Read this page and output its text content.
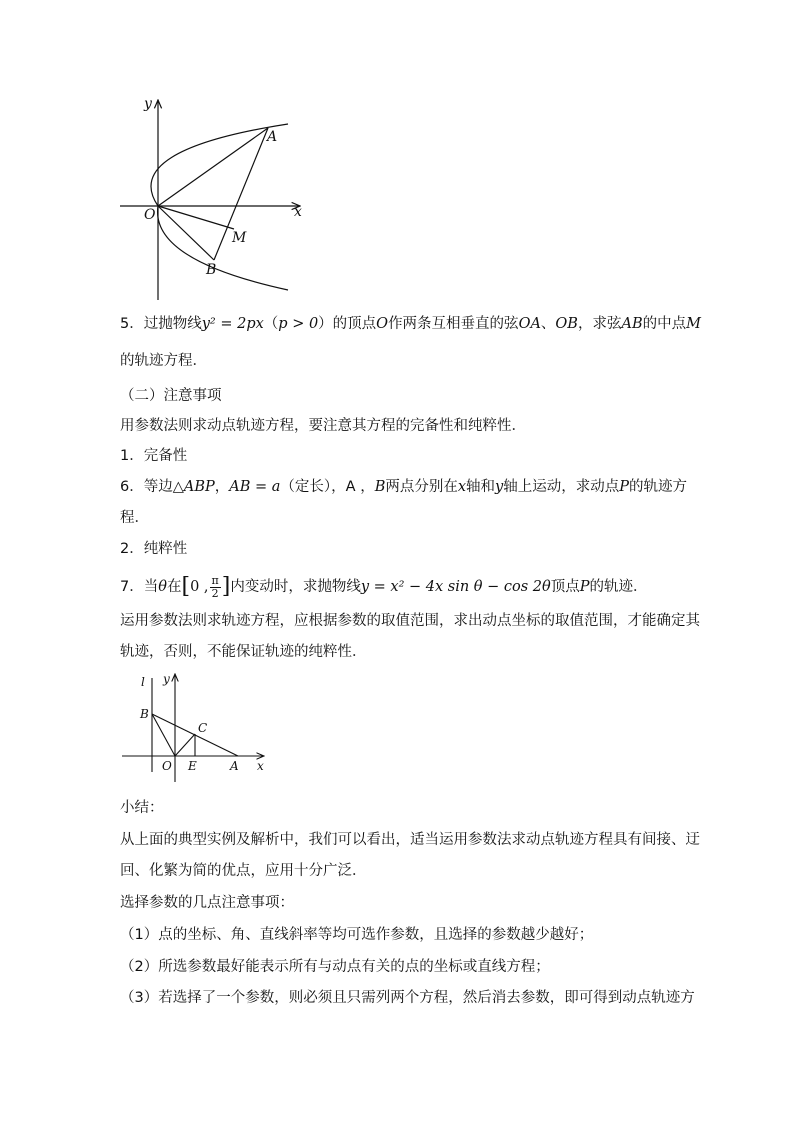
y
x
O
A
B
M
5．过抛物线y² = 2px（p > 0）的顶点O作两条互相垂直的弦OA、OB，求弦AB的中点M
的轨迹方程．
（二）注意事项
用参数法则求动点轨迹方程，要注意其方程的完备性和纯粹性．
1．完备性
6．等边△ABP，AB = a（定长），A ，B两点分别在x轴和y轴上运动，求动点P的轨迹方
程．
2．纯粹性
7．当θ在[0 , $\frac{\pi}{2}$ ]内变动时，求抛物线y = x² − 4x sin θ − cos 2θ顶点P的轨迹．
运用参数法则求轨迹方程，应根据参数的取值范围，求出动点坐标的取值范围，才能确定其
轨迹，否则，不能保证轨迹的纯粹性．
l y
B
C
O E	A x
小结：
从上面的典型实例及解析中，我们可以看出，适当运用参数法求动点轨迹方程具有间接、迂
回、化繁为简的优点，应用十分广泛．
选择参数的几点注意事项：
（1）点的坐标、角、直线斜率等均可选作参数，且选择的参数越少越好；
（2）所选参数最好能表示所有与动点有关的点的坐标或直线方程；
（3）若选择了一个参数，则必须且只需列两个方程，然后消去参数，即可得到动点轨迹方
